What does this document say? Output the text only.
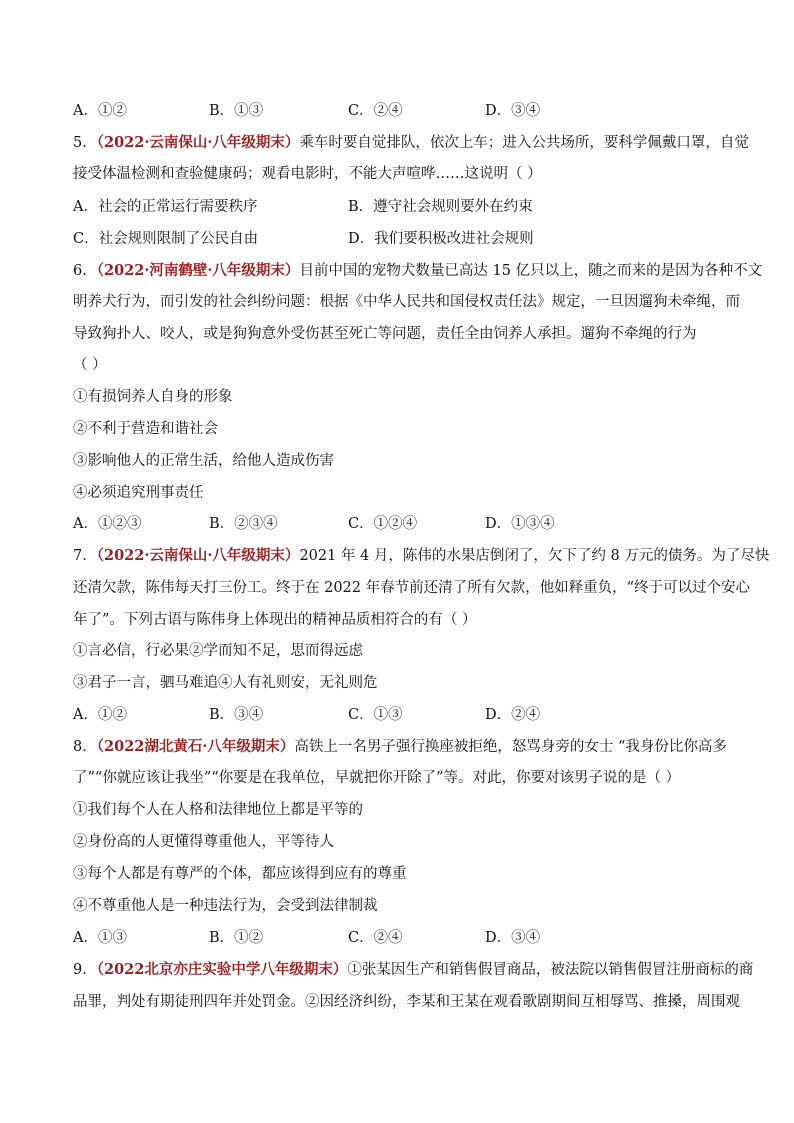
A．①②	B．①③	C．②④	D．③④
5．（2022·云南保山·八年级期末）乘车时要自觉排队，依次上车；进入公共场所，要科学佩戴口罩，自觉
接受体温检测和查验健康码；观看电影时，不能大声喧哗……这说明（ ）
A．社会的正常运行需要秩序	B．遵守社会规则要外在约束
C．社会规则限制了公民自由	D．我们要积极改进社会规则
6．（2022·河南鹤壁·八年级期末）目前中国的宠物犬数量已高达 15 亿只以上，随之而来的是因为各种不文
明养犬行为，而引发的社会纠纷问题：根据《中华人民共和国侵权责任法》规定，一旦因遛狗未牵绳，而
导致狗扑人、咬人，或是狗狗意外受伤甚至死亡等问题，责任全由饲养人承担。遛狗不牵绳的行为
（ ）
①有损饲养人自身的形象
②不利于营造和谐社会
③影响他人的正常生活，给他人造成伤害
④必须追究刑事责任
A．①②③	B．②③④	C．①②④	D．①③④
7．（2022·云南保山·八年级期末）2021 年 4 月，陈伟的水果店倒闭了，欠下了约 8 万元的债务。为了尽快
还清欠款，陈伟每天打三份工。终于在 2022 年春节前还清了所有欠款，他如释重负，“终于可以过个安心
年了”。下列古语与陈伟身上体现出的精神品质相符合的有（ ）
①言必信，行必果②学而知不足，思而得远虑
③君子一言，驷马难追④人有礼则安，无礼则危
A．①②	B．③④	C．①③	D．②④
8．（2022湖北黄石·八年级期末）高铁上一名男子强行换座被拒绝，怒骂身旁的女士 “我身份比你高多
了”“你就应该让我坐”“你要是在我单位，早就把你开除了”等。对此，你要对该男子说的是（ ）
①我们每个人在人格和法律地位上都是平等的
②身份高的人更懂得尊重他人，平等待人
③每个人都是有尊严的个体，都应该得到应有的尊重
④不尊重他人是一种违法行为，会受到法律制裁
A．①③	B．①②	C．②④	D．③④
9．（2022北京亦庄实验中学八年级期末）①张某因生产和销售假冒商品，被法院以销售假冒注册商标的商
品罪，判处有期徒刑四年并处罚金。②因经济纠纷，李某和王某在观看歌剧期间互相辱骂、推搡，周围观
